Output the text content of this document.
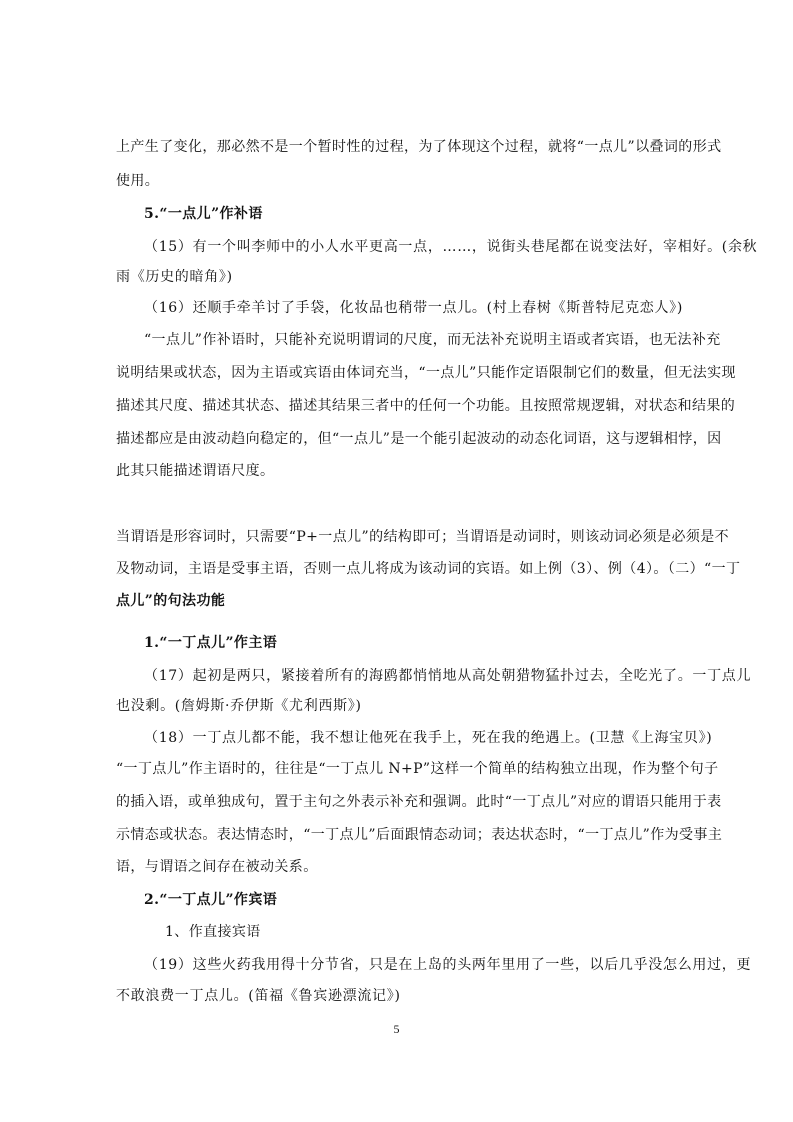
上产生了变化，那必然不是一个暂时性的过程，为了体现这个过程，就将“一点儿”以叠词的形式
使用。
5.“一点儿”作补语
（15）有一个叫李师中的小人水平更高一点，……，说街头巷尾都在说变法好，宰相好。(余秋
雨《历史的暗角》)
（16）还顺手牵羊讨了手袋，化妆品也稍带一点儿。(村上春树《斯普特尼克恋人》)
“一点儿”作补语时，只能补充说明谓词的尺度，而无法补充说明主语或者宾语，也无法补充
说明结果或状态，因为主语或宾语由体词充当，“一点儿”只能作定语限制它们的数量，但无法实现
描述其尺度、描述其状态、描述其结果三者中的任何一个功能。且按照常规逻辑，对状态和结果的
描述都应是由波动趋向稳定的，但“一点儿”是一个能引起波动的动态化词语，这与逻辑相悖，因
此其只能描述谓语尺度。
当谓语是形容词时，只需要“P+一点儿”的结构即可；当谓语是动词时，则该动词必须是必须是不
及物动词，主语是受事主语，否则一点儿将成为该动词的宾语。如上例（3）、例（4）。（二）“一丁
点儿”的句法功能
1.“一丁点儿”作主语
（17）起初是两只，紧接着所有的海鸥都悄悄地从高处朝猎物猛扑过去，全吃光了。一丁点儿
也没剩。(詹姆斯·乔伊斯《尤利西斯》)
（18）一丁点儿都不能，我不想让他死在我手上，死在我的绝遇上。(卫慧《上海宝贝》)
“一丁点儿”作主语时的，往往是“一丁点儿 N+P”这样一个简单的结构独立出现，作为整个句子
的插入语，或单独成句，置于主句之外表示补充和强调。此时“一丁点儿”对应的谓语只能用于表
示情态或状态。表达情态时，“一丁点儿”后面跟情态动词；表达状态时，“一丁点儿”作为受事主
语，与谓语之间存在被动关系。
2.“一丁点儿”作宾语
1、作直接宾语
（19）这些火药我用得十分节省，只是在上岛的头两年里用了一些，以后几乎没怎么用过，更
不敢浪费一丁点儿。(笛福《鲁宾逊漂流记》)
5
